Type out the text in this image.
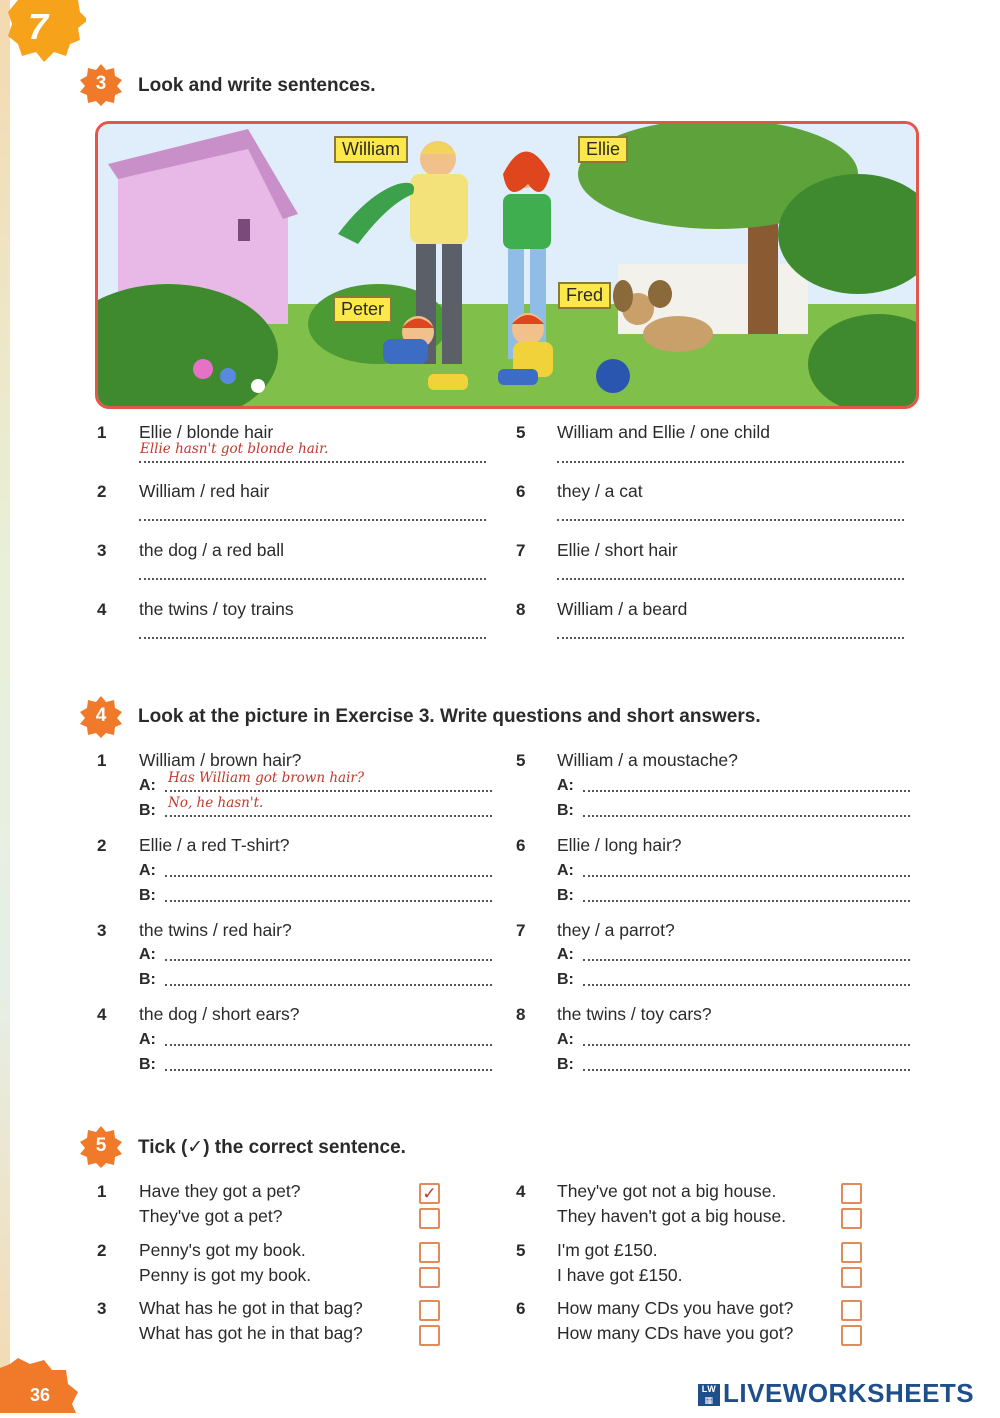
7
3	Look and write sentences.
William	Ellie
Peter
Fred
1 Ellie / blonde hair
Ellie hasn't got blonde hair.
2 William / red hair
3 the dog / a red ball
4 the twins / toy trains
5 William and Ellie / one child
6 they / a cat
7 Ellie / short hair
8 William / a beard
4	Look at the picture in Exercise 3. Write questions and short answers.
1 William / brown hair?
A: Has William got brown hair?
B: No, he hasn't.
2 Ellie / a red T-shirt?
A:
B:
3 the twins / red hair?
A:
B:
4 the dog / short ears?
A:
B:
5 William / a moustache?
A:
B:
6 Ellie / long hair?
A:
B:
7 they / a parrot?
A:
B:
8 the twins / toy cars?
A:
B:
5	Tick (✓) the correct sentence.
1 Have they got a pet?
They've got a pet?
✓
2 Penny's got my book.
Penny is got my book.
3 What has he got in that bag?
What has got he in that bag?
4 They've got not a big house.
They haven't got a big house.
5 I'm got £150.
I have got £150.
6 How many CDs you have got?
How many CDs have you got?
36	LW
▦ LIVEWORKSHEETS
